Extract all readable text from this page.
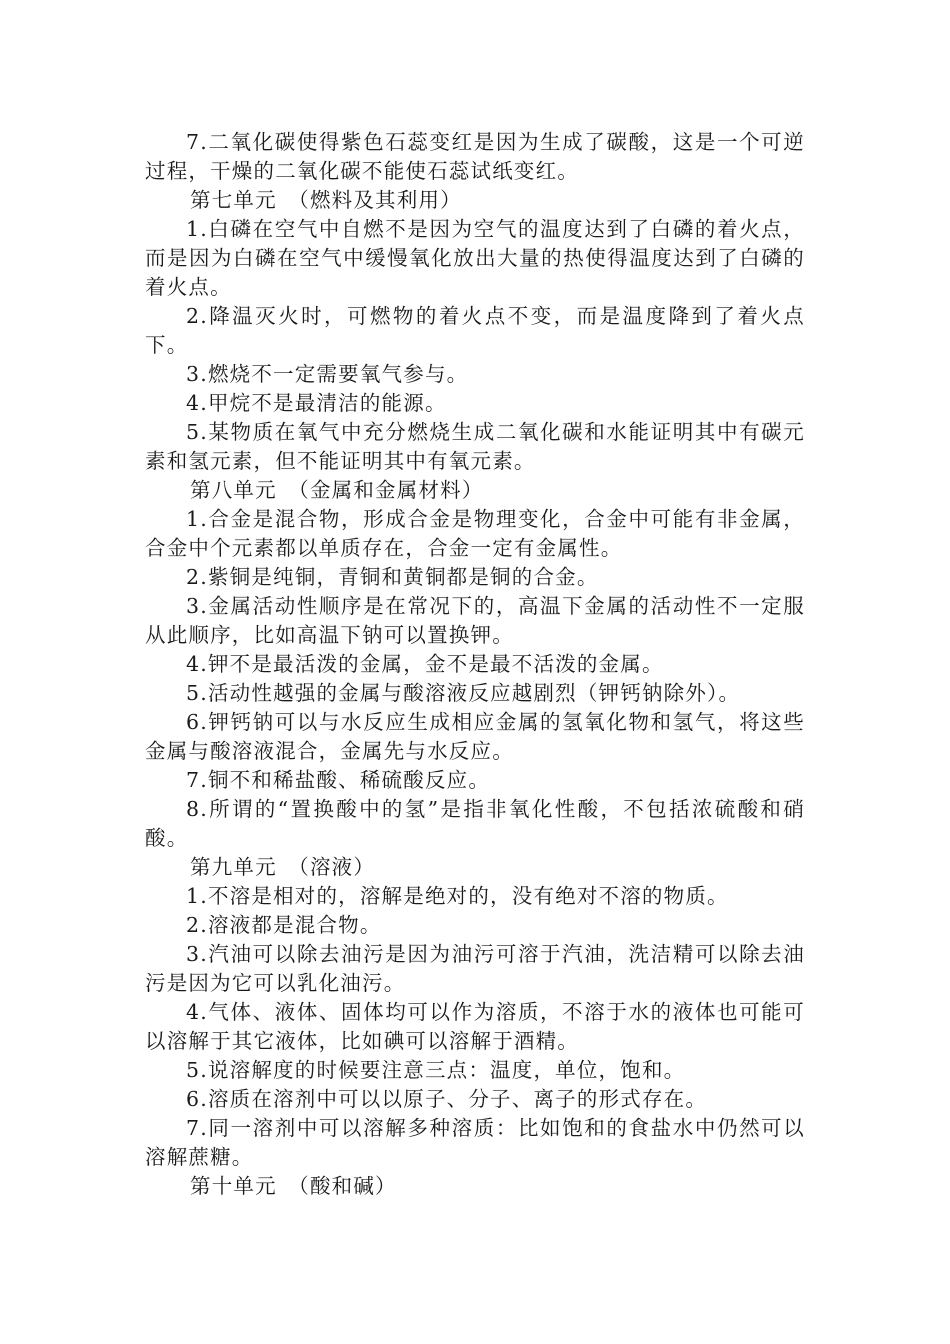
7.二氧化碳使得紫色石蕊变红是因为生成了碳酸，这是一个可逆过程，干燥的二氧化碳不能使石蕊试纸变红。

第七单元　（燃料及其利用）

1.白磷在空气中自燃不是因为空气的温度达到了白磷的着火点，而是因为白磷在空气中缓慢氧化放出大量的热使得温度达到了白磷的着火点。

2.降温灭火时，可燃物的着火点不变，而是温度降到了着火点下。

3.燃烧不一定需要氧气参与。

4.甲烷不是最清洁的能源。

5.某物质在氧气中充分燃烧生成二氧化碳和水能证明其中有碳元素和氢元素，但不能证明其中有氧元素。

第八单元　（金属和金属材料）

1.合金是混合物，形成合金是物理变化，合金中可能有非金属，合金中个元素都以单质存在，合金一定有金属性。

2.紫铜是纯铜，青铜和黄铜都是铜的合金。

3.金属活动性顺序是在常况下的，高温下金属的活动性不一定服从此顺序，比如高温下钠可以置换钾。

4.钾不是最活泼的金属，金不是最不活泼的金属。

5.活动性越强的金属与酸溶液反应越剧烈（钾钙钠除外）。

6.钾钙钠可以与水反应生成相应金属的氢氧化物和氢气，将这些金属与酸溶液混合，金属先与水反应。

7.铜不和稀盐酸、稀硫酸反应。

8.所谓的“置换酸中的氢”是指非氧化性酸，不包括浓硫酸和硝酸。

第九单元　（溶液）

1.不溶是相对的，溶解是绝对的，没有绝对不溶的物质。

2.溶液都是混合物。

3.汽油可以除去油污是因为油污可溶于汽油，洗洁精可以除去油污是因为它可以乳化油污。

4.气体、液体、固体均可以作为溶质，不溶于水的液体也可能可以溶解于其它液体，比如碘可以溶解于酒精。

5.说溶解度的时候要注意三点：温度，单位，饱和。

6.溶质在溶剂中可以以原子、分子、离子的形式存在。

7.同一溶剂中可以溶解多种溶质：比如饱和的食盐水中仍然可以溶解蔗糖。

第十单元　（酸和碱）
